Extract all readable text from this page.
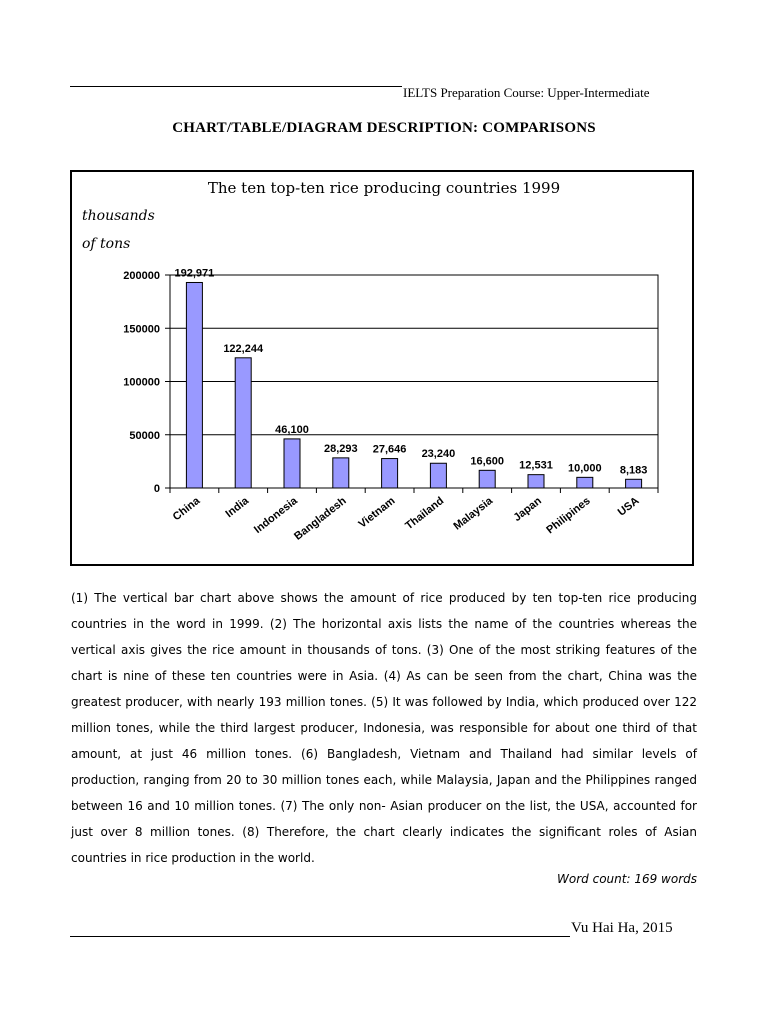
IELTS Preparation Course: Upper-Intermediate
CHART/TABLE/DIAGRAM DESCRIPTION: COMPARISONS
The ten top-ten rice producing countries 1999
thousands
of tons
0
50000
100000
150000
200000 192,971
China
122,244
India
46,100
Indonesia
28,293
Bangladesh
27,646
Vietnam
23,240
Thailand
16,600
Malaysia
12,531
Japan
10,000
Philipines
8,183
USA
(1) The vertical bar chart above shows the amount of rice produced by ten top-ten rice producing countries in the word in 1999. (2) The horizontal axis lists the name of the countries whereas the vertical axis gives the rice amount in thousands of tons. (3) One of the most striking features of the chart is nine of these ten countries were in Asia. (4) As can be seen from the chart, China was the greatest producer, with nearly 193 million tones. (5) It was followed by India, which produced over 122 million tones, while the third largest producer, Indonesia, was responsible for about one third of that amount, at just 46 million tones. (6) Bangladesh, Vietnam and Thailand had similar levels of production, ranging from 20 to 30 million tones each, while Malaysia, Japan and the Philippines ranged between 16 and 10 million tones. (7) The only non- Asian producer on the list, the USA, accounted for just over 8 million tones. (8) Therefore, the chart clearly indicates the significant roles of Asian countries in rice production in the world.
Word count: 169 words
Vu Hai Ha, 2015
